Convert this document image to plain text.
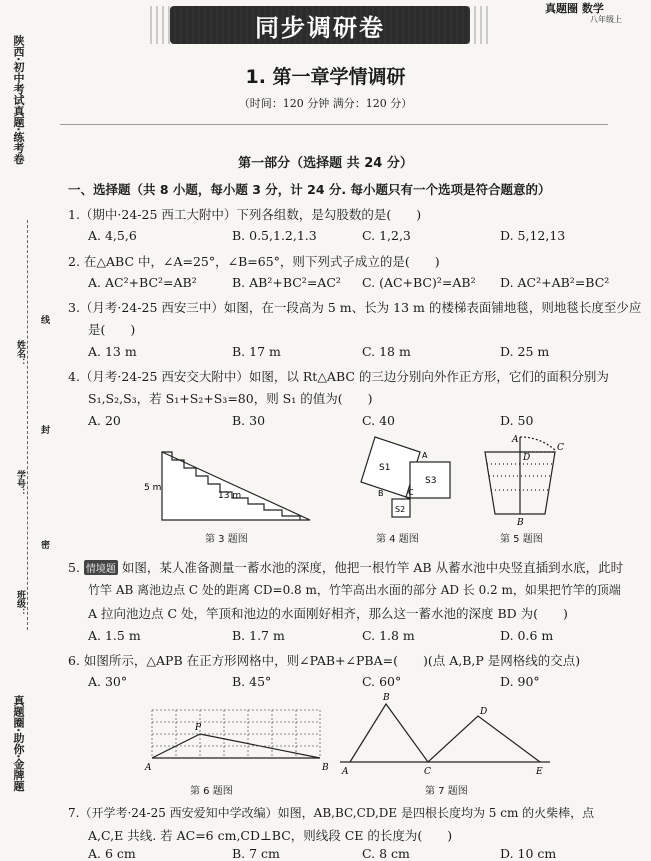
同步调研卷
真题圈 数学
八年级上
陕西·初中考试真题·练考卷
真题圈·助你·金牌题
线
姓名：
封
学号：
密
班级：
1. 第一章学情调研
（时间：120 分钟 满分：120 分）
第一部分（选择题 共 24 分）
一、选择题（共 8 小题，每小题 3 分，计 24 分. 每小题只有一个选项是符合题意的）
1.（期中·24-25 西工大附中）下列各组数，是勾股数的是(　　)
A. 4,5,6	B. 0.5,1.2,1.3	C. 1,2,3	D. 5,12,13
2. 在△ABC 中，∠A=25°，∠B=65°，则下列式子成立的是(　　)
A. AC²+BC²=AB²	B. AB²+BC²=AC² C. (AC+BC)²=AB² D. AC²+AB²=BC²
3.（月考·24-25 西安三中）如图，在一段高为 5 m、长为 13 m 的楼梯表面铺地毯，则地毯长度至少应
是(　　)
A. 13 m	B. 17 m	C. 18 m	D. 25 m
4.（月考·24-25 西安交大附中）如图，以 Rt△ABC 的三边分别向外作正方形，它们的面积分别为
S₁,S₂,S₃，若 S₁+S₂+S₃=80，则 S₁ 的值为(　　)
A. 20	B. 30	C. 40	D. 50
5 m
13 m
S1
S3
S2
A
B	C
A
C
D
B
第 3 题图	第 4 题图	第 5 题图
5. 情境题 如图，某人准备测量一蓄水池的深度，他把一根竹竿 AB 从蓄水池中央竖直插到水底，此时
竹竿 AB 离池边点 C 处的距离 CD=0.8 m，竹竿高出水面的部分 AD 长 0.2 m，如果把竹竿的顶端
A 拉向池边点 C 处，竿顶和池边的水面刚好相齐，那么这一蓄水池的深度 BD 为(　　)
A. 1.5 m	B. 1.7 m	C. 1.8 m	D. 0.6 m
6. 如图所示，△APB 在正方形网格中，则∠PAB+∠PBA=(　　)(点 A,B,P 是网格线的交点)
A. 30°	B. 45°	C. 60°	D. 90°
A
P
B A
B
C
D
E
第 6 题图	第 7 题图
7.（开学考·24-25 西安爱知中学改编）如图，AB,BC,CD,DE 是四根长度均为 5 cm 的火柴棒，点
A,C,E 共线. 若 AC=6 cm,CD⊥BC，则线段 CE 的长度为(　　)
A. 6 cm	B. 7 cm	C. 8 cm	D. 10 cm
